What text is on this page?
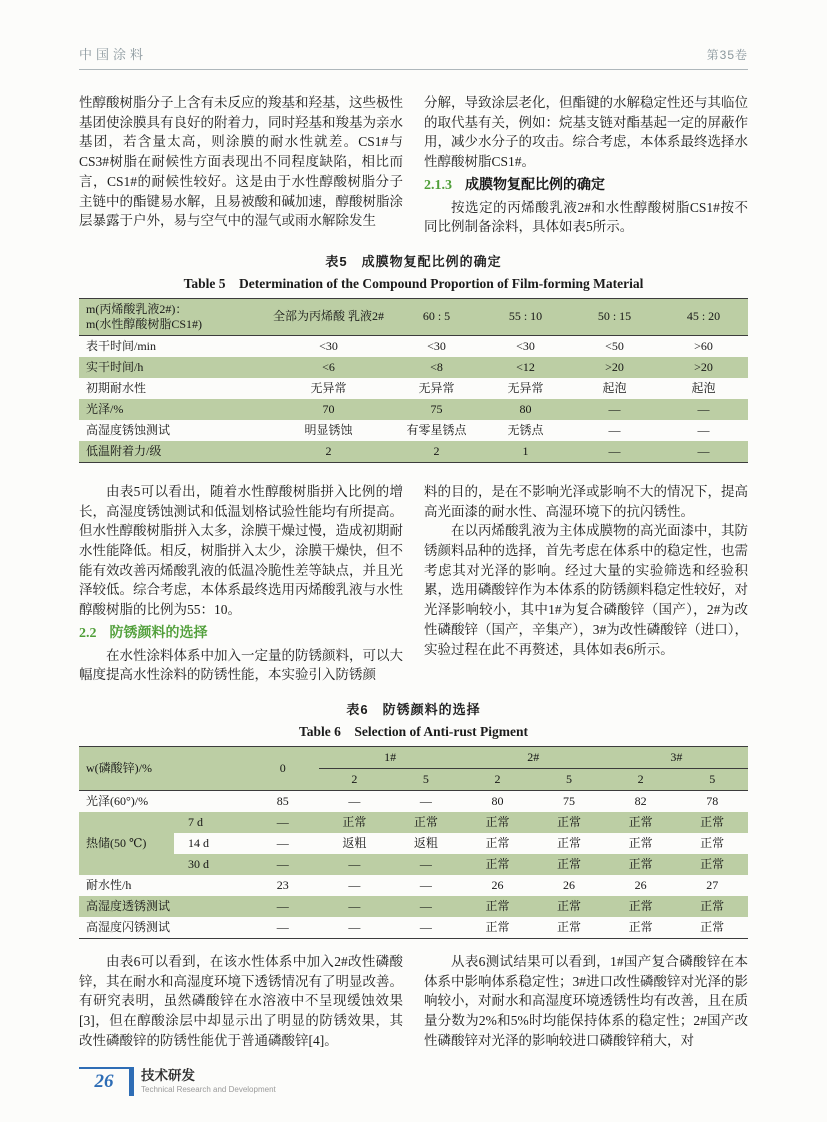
中国涂料	第35卷

性醇酸树脂分子上含有未反应的羧基和羟基，这些极性基团使涂膜具有良好的附着力，同时羟基和羧基为亲水基团，若含量太高，则涂膜的耐水性就差。CS1#与CS3#树脂在耐候性方面表现出不同程度缺陷，相比而言，CS1#的耐候性较好。这是由于水性醇酸树脂分子主链中的酯键易水解，且易被酸和碱加速，醇酸树脂涂层暴露于户外，易与空气中的湿气或雨水解除发生

分解，导致涂层老化，但酯键的水解稳定性还与其临位的取代基有关，例如：烷基支链对酯基起一定的屏蔽作用，减少水分子的攻击。综合考虑，本体系最终选择水性醇酸树脂CS1#。

2.1.3 成膜物复配比例的确定

按选定的丙烯酸乳液2#和水性醇酸树脂CS1#按不同比例制备涂料，具体如表5所示。

表5　成膜物复配比例的确定
Table 5　Determination of the Compound Proportion of Film-forming Material
m(丙烯酸乳液2#)：
m(水性醇酸树脂CS1#)	全部为丙烯酸 乳液2#	60 : 5	55 : 10	50 : 15	45 : 20
表干时间/min	<30	<30	<30	<50	>60
实干时间/h	<6	<8	<12	>20	>20
初期耐水性	无异常	无异常	无异常	起泡	起泡
光泽/%	70	75	80	—	—
高湿度锈蚀测试	明显锈蚀	有零星锈点	无锈点	—	—
低温附着力/级	2	2	1	—	—

由表5可以看出，随着水性醇酸树脂拼入比例的增长，高湿度锈蚀测试和低温划格试验性能均有所提高。但水性醇酸树脂拼入太多，涂膜干燥过慢，造成初期耐水性能降低。相反，树脂拼入太少，涂膜干燥快，但不能有效改善丙烯酸乳液的低温冷脆性差等缺点，并且光泽较低。综合考虑，本体系最终选用丙烯酸乳液与水性醇酸树脂的比例为55：10。

2.2 防锈颜料的选择

在水性涂料体系中加入一定量的防锈颜料，可以大幅度提高水性涂料的防锈性能，本实验引入防锈颜

料的目的，是在不影响光泽或影响不大的情况下，提高高光面漆的耐水性、高湿环境下的抗闪锈性。

在以丙烯酸乳液为主体成膜物的高光面漆中，其防锈颜料品种的选择，首先考虑在体系中的稳定性，也需考虑其对光泽的影响。经过大量的实验筛选和经验积累，选用磷酸锌作为本体系的防锈颜料稳定性较好，对光泽影响较小，其中1#为复合磷酸锌（国产），2#为改性磷酸锌（国产，辛集产），3#为改性磷酸锌（进口），实验过程在此不再赘述，具体如表6所示。

表6　防锈颜料的选择
Table 6　Selection of Anti-rust Pigment
w(磷酸锌)/%		0	1#		2#		3#	
			2	5	2	5	2	5
光泽(60°)/%		85	—	—	80	75	82	78
热储(50 ℃)	7 d	—	正常	正常	正常	正常	正常	正常
	14 d	—	返粗	返粗	正常	正常	正常	正常
	30 d	—	—	—	正常	正常	正常	正常
耐水性/h		23	—	—	26	26	26	27
高湿度透锈测试		—	—	—	正常	正常	正常	正常
高湿度闪锈测试		—	—	—	正常	正常	正常	正常

由表6可以看到，在该水性体系中加入2#改性磷酸锌，其在耐水和高湿度环境下透锈情况有了明显改善。有研究表明，虽然磷酸锌在水溶液中不呈现缓蚀效果[3]，但在醇酸涂层中却显示出了明显的防锈效果，其改性磷酸锌的防锈性能优于普通磷酸锌[4]。

从表6测试结果可以看到，1#国产复合磷酸锌在本体系中影响体系稳定性；3#进口改性磷酸锌对光泽的影响较小，对耐水和高湿度环境透锈性均有改善，且在质量分数为2%和5%时均能保持体系的稳定性；2#国产改性磷酸锌对光泽的影响较进口磷酸锌稍大，对

26	技术研发
Technical Research and Development
